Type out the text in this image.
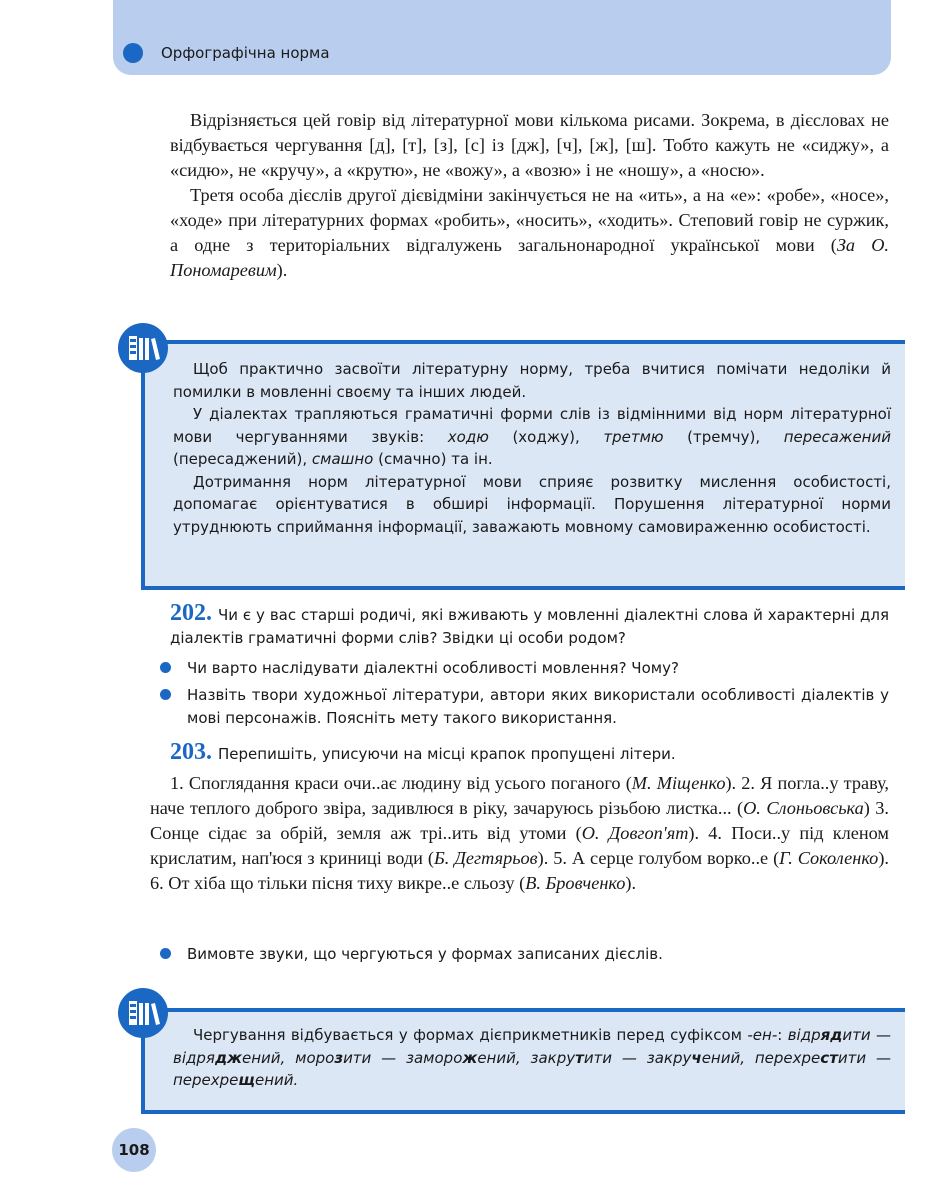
Орфографічна норма

Відрізняється цей говір від літературної мови кількома рисами. Зокрема, в дієсловах не відбувається чергування [д], [т], [з], [с] із [дж], [ч], [ж], [ш]. Тобто кажуть не «сиджу», а «сидю», не «кручу», а «крутю», не «вожу», а «возю» і не «ношу», а «носю».

Третя особа дієслів другої дієвідміни закінчується не на «ить», а на «е»: «робе», «носе», «ходе» при літературних формах «робить», «носить», «ходить». Степовий говір не суржик, а одне з територіальних відгалужень загальнонародної української мови (За О. Пономаревим).

Щоб практично засвоїти літературну норму, треба вчитися помічати недоліки й помилки в мовленні своєму та інших людей.

У діалектах трапляються граматичні форми слів із відмінними від норм літературної мови чергуваннями звуків: ходю (ходжу), третмю (тремчу), пересажений (пересаджений), смашно (смачно) та ін.

Дотримання норм літературної мови сприяє розвитку мислення особистості, допомагає орієнтуватися в обширі інформації. Порушення літературної норми утруднюють сприймання інформації, заважають мовному самовираженню особистості.

202. Чи є у вас старші родичі, які вживають у мовленні діалектні слова й характерні для діалектів граматичні форми слів? Звідки ці особи родом?

Чи варто наслідувати діалектні особливості мовлення? Чому?

Назвіть твори художньої літератури, автори яких використали особливості діалектів у мові персонажів. Поясніть мету такого використання.

203. Перепишіть, уписуючи на місці крапок пропущені літери.

1. Споглядання краси очи..ає людину від усього поганого (М. Міщенко). 2. Я погла..у траву, наче теплого доброго звіра, задивлюся в ріку, зачаруюсь різьбою листка... (О. Слоньовська) 3. Сонце сідає за обрій, земля аж трі..ить від утоми (О. Довгоп'ят). 4. Поси..у під кленом крислатим, нап'юся з криниці води (Б. Дегтярьов). 5. А серце голубом ворко..е (Г. Соколенко). 6. От хіба що тільки пісня тиху викре..е сльозу (В. Бровченко).

Вимовте звуки, що чергуються у формах записаних дієслів.

Чергування відбувається у формах дієприкметників перед суфіксом -ен-: відрядити — відряджений, морозити — заморожений, закрутити — закручений, перехрестити — перехрещений.

108
